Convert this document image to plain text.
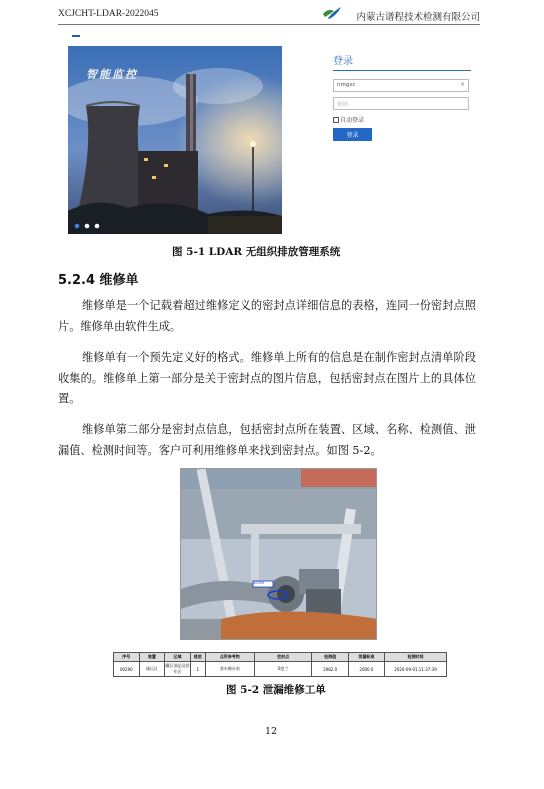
XCJCHT-LDAR-2022045	内蒙古谱程技术检测有限公司
智能监控
登录
nmgxc	×
密码
自动登录
登录
图 5-1 LDAR 无组织排放管理系统
5.2.4 维修单

维修单是一个记载着超过维修定义的密封点详细信息的表格，连同一份密封点照片。维修单由软件生成。

维修单有一个预先定义好的格式。维修单上所有的信息是在制作密封点清单阶段收集的。维修单上第一部分是关于密封点的图片信息，包括密封点在图片上的具体位置。

维修单第二部分是密封点信息，包括密封点所在装置、区域、名称、检测值、泄漏值、检测时间等。客户可利用维修单来找到密封点。如图 5-2。

00290
序号	装置	区域	楼层	点所参考物	密封点	检测值	泄漏标准	检测时间
00290	储运区	罐区油品及装车区	1	装车鹤台南	0度兰	2982.0	2000.0	2020-09-01 11:37:39
图 5-2 泄漏维修工单
12
